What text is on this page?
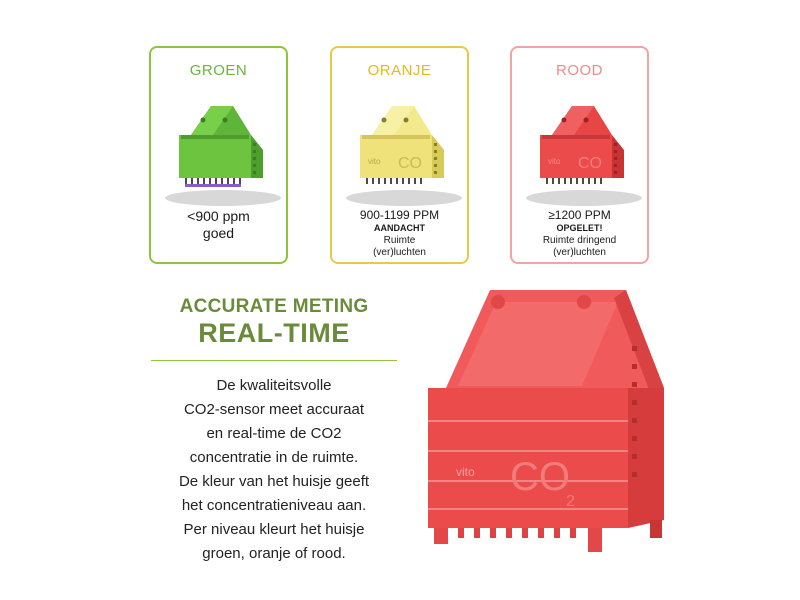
GROEN
<900 ppm
goed
ORANJE
vito CO
900-1199 PPM
AANDACHT
Ruimte
(ver)luchten
ROOD
vito CO
≥1200 PPM
OPGELET!
Ruimte dringend
(ver)luchten
ACCURATE METING
REAL-TIME
De kwaliteitsvolle
CO2-sensor meet accuraat
en real-time de CO2
concentratie in de ruimte.
De kleur van het huisje geeft
het concentratieniveau aan.
Per niveau kleurt het huisje
groen, oranje of rood.
vito CO
2
